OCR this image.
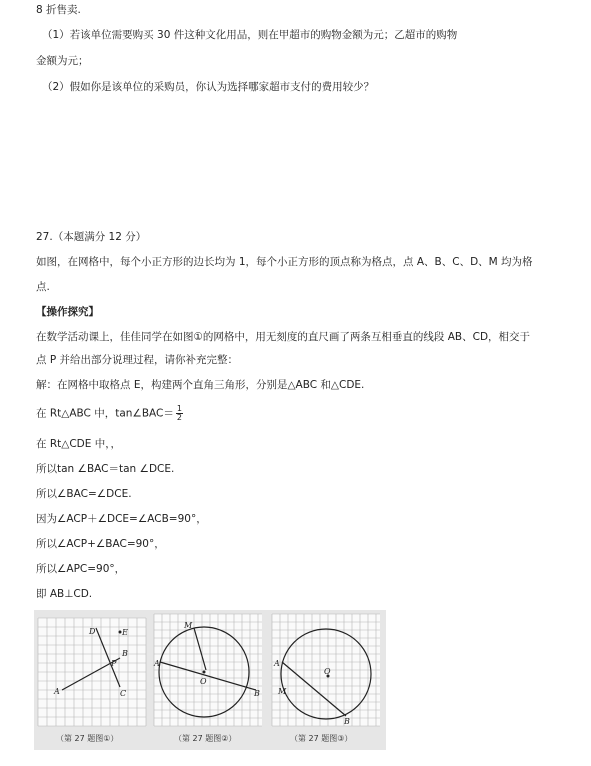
8 折售卖.
（1）若该单位需要购买 30 件这种文化用品，则在甲超市的购物金额为元；乙超市的购物
金额为元；
（2）假如你是该单位的采购员，你认为选择哪家超市支付的费用较少？
27.（本题满分 12 分）
如图，在网格中，每个小正方形的边长均为 1，每个小正方形的顶点称为格点，点 A、B、C、D、M 均为格
点.
【操作探究】
在数学活动课上，佳佳同学在如图①的网格中，用无刻度的直尺画了两条互相垂直的线段 AB、CD，相交于
点 P 并给出部分说理过程，请你补充完整：
解：在网格中取格点 E，构建两个直角三角形，分别是△ABC 和△CDE.
在 Rt△ABC 中，tan∠BAC＝ $\frac{1}{2}$
在 Rt△CDE 中，，
所以tan ∠BAC＝tan ∠DCE.
所以∠BAC=∠DCE.
因为∠ACP＋∠DCE=∠ACB=90°，
所以∠ACP+∠BAC=90°，
所以∠APC=90°，
即 AB⊥CD.
D	E
B
P
A	C
（第 27 题图①）
M
A
O
B
（第 27 题图②）
A
M
O
B
（第 27 题图③）
